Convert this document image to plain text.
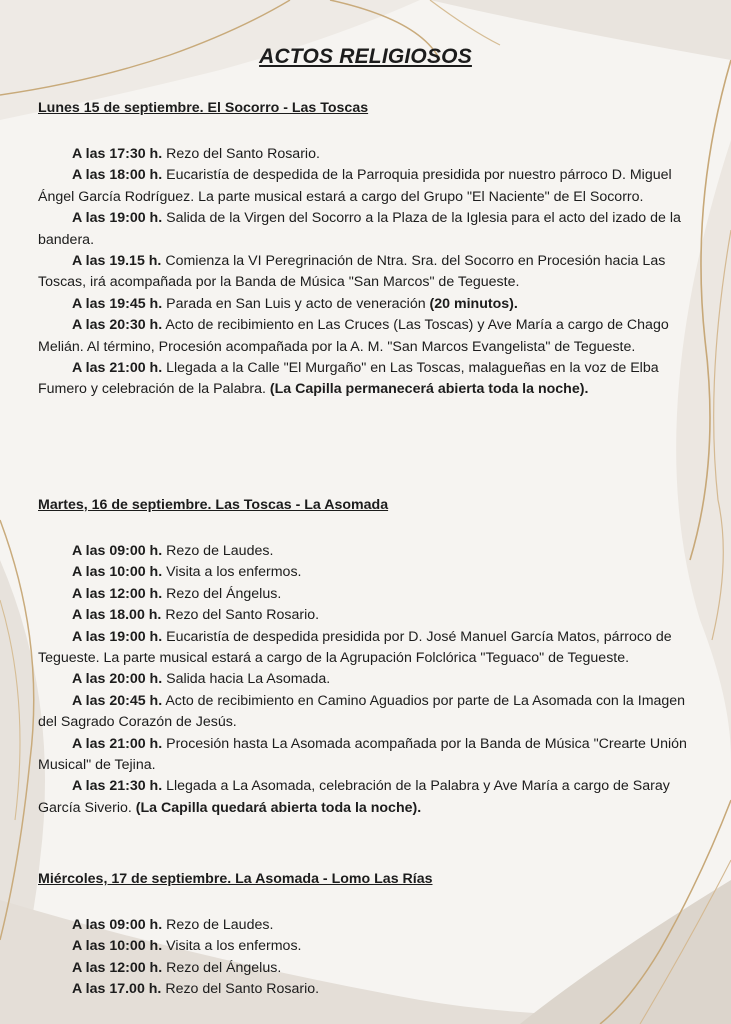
ACTOS RELIGIOSOS
Lunes 15 de septiembre. El Socorro - Las Toscas

A las 17:30 h. Rezo del Santo Rosario.

A las 18:00 h. Eucaristía de despedida de la Parroquia presidida por nuestro párroco D. Miguel Ángel García Rodríguez. La parte musical estará a cargo del Grupo "El Naciente" de El Socorro.

A las 19:00 h. Salida de la Virgen del Socorro a la Plaza de la Iglesia para el acto del izado de la bandera.

A las 19.15 h. Comienza la VI Peregrinación de Ntra. Sra. del Socorro en Procesión hacia Las Toscas, irá acompañada por la Banda de Música "San Marcos" de Tegueste.

A las 19:45 h. Parada en San Luis y acto de veneración (20 minutos).

A las 20:30 h. Acto de recibimiento en Las Cruces (Las Toscas) y Ave María a cargo de Chago Melián. Al término, Procesión acompañada por la A. M. "San Marcos Evangelista" de Tegueste.

A las 21:00 h. Llegada a la Calle "El Murgaño" en Las Toscas, malagueñas en la voz de Elba Fumero y celebración de la Palabra. (La Capilla permanecerá abierta toda la noche).

Martes, 16 de septiembre. Las Toscas - La Asomada

A las 09:00 h. Rezo de Laudes.

A las 10:00 h. Visita a los enfermos.

A las 12:00 h. Rezo del Ángelus.

A las 18.00 h. Rezo del Santo Rosario.

A las 19:00 h. Eucaristía de despedida presidida por D. José Manuel García Matos, párroco de Tegueste. La parte musical estará a cargo de la Agrupación Folclórica "Teguaco" de Tegueste.

A las 20:00 h. Salida hacia La Asomada.

A las 20:45 h. Acto de recibimiento en Camino Aguadios por parte de La Asomada con la Imagen del Sagrado Corazón de Jesús.

A las 21:00 h. Procesión hasta La Asomada acompañada por la Banda de Música "Crearte Unión Musical" de Tejina.

A las 21:30 h. Llegada a La Asomada, celebración de la Palabra y Ave María a cargo de Saray García Siverio. (La Capilla quedará abierta toda la noche).

Miércoles, 17 de septiembre. La Asomada - Lomo Las Rías

A las 09:00 h. Rezo de Laudes.

A las 10:00 h. Visita a los enfermos.

A las 12:00 h. Rezo del Ángelus.

A las 17.00 h. Rezo del Santo Rosario.
